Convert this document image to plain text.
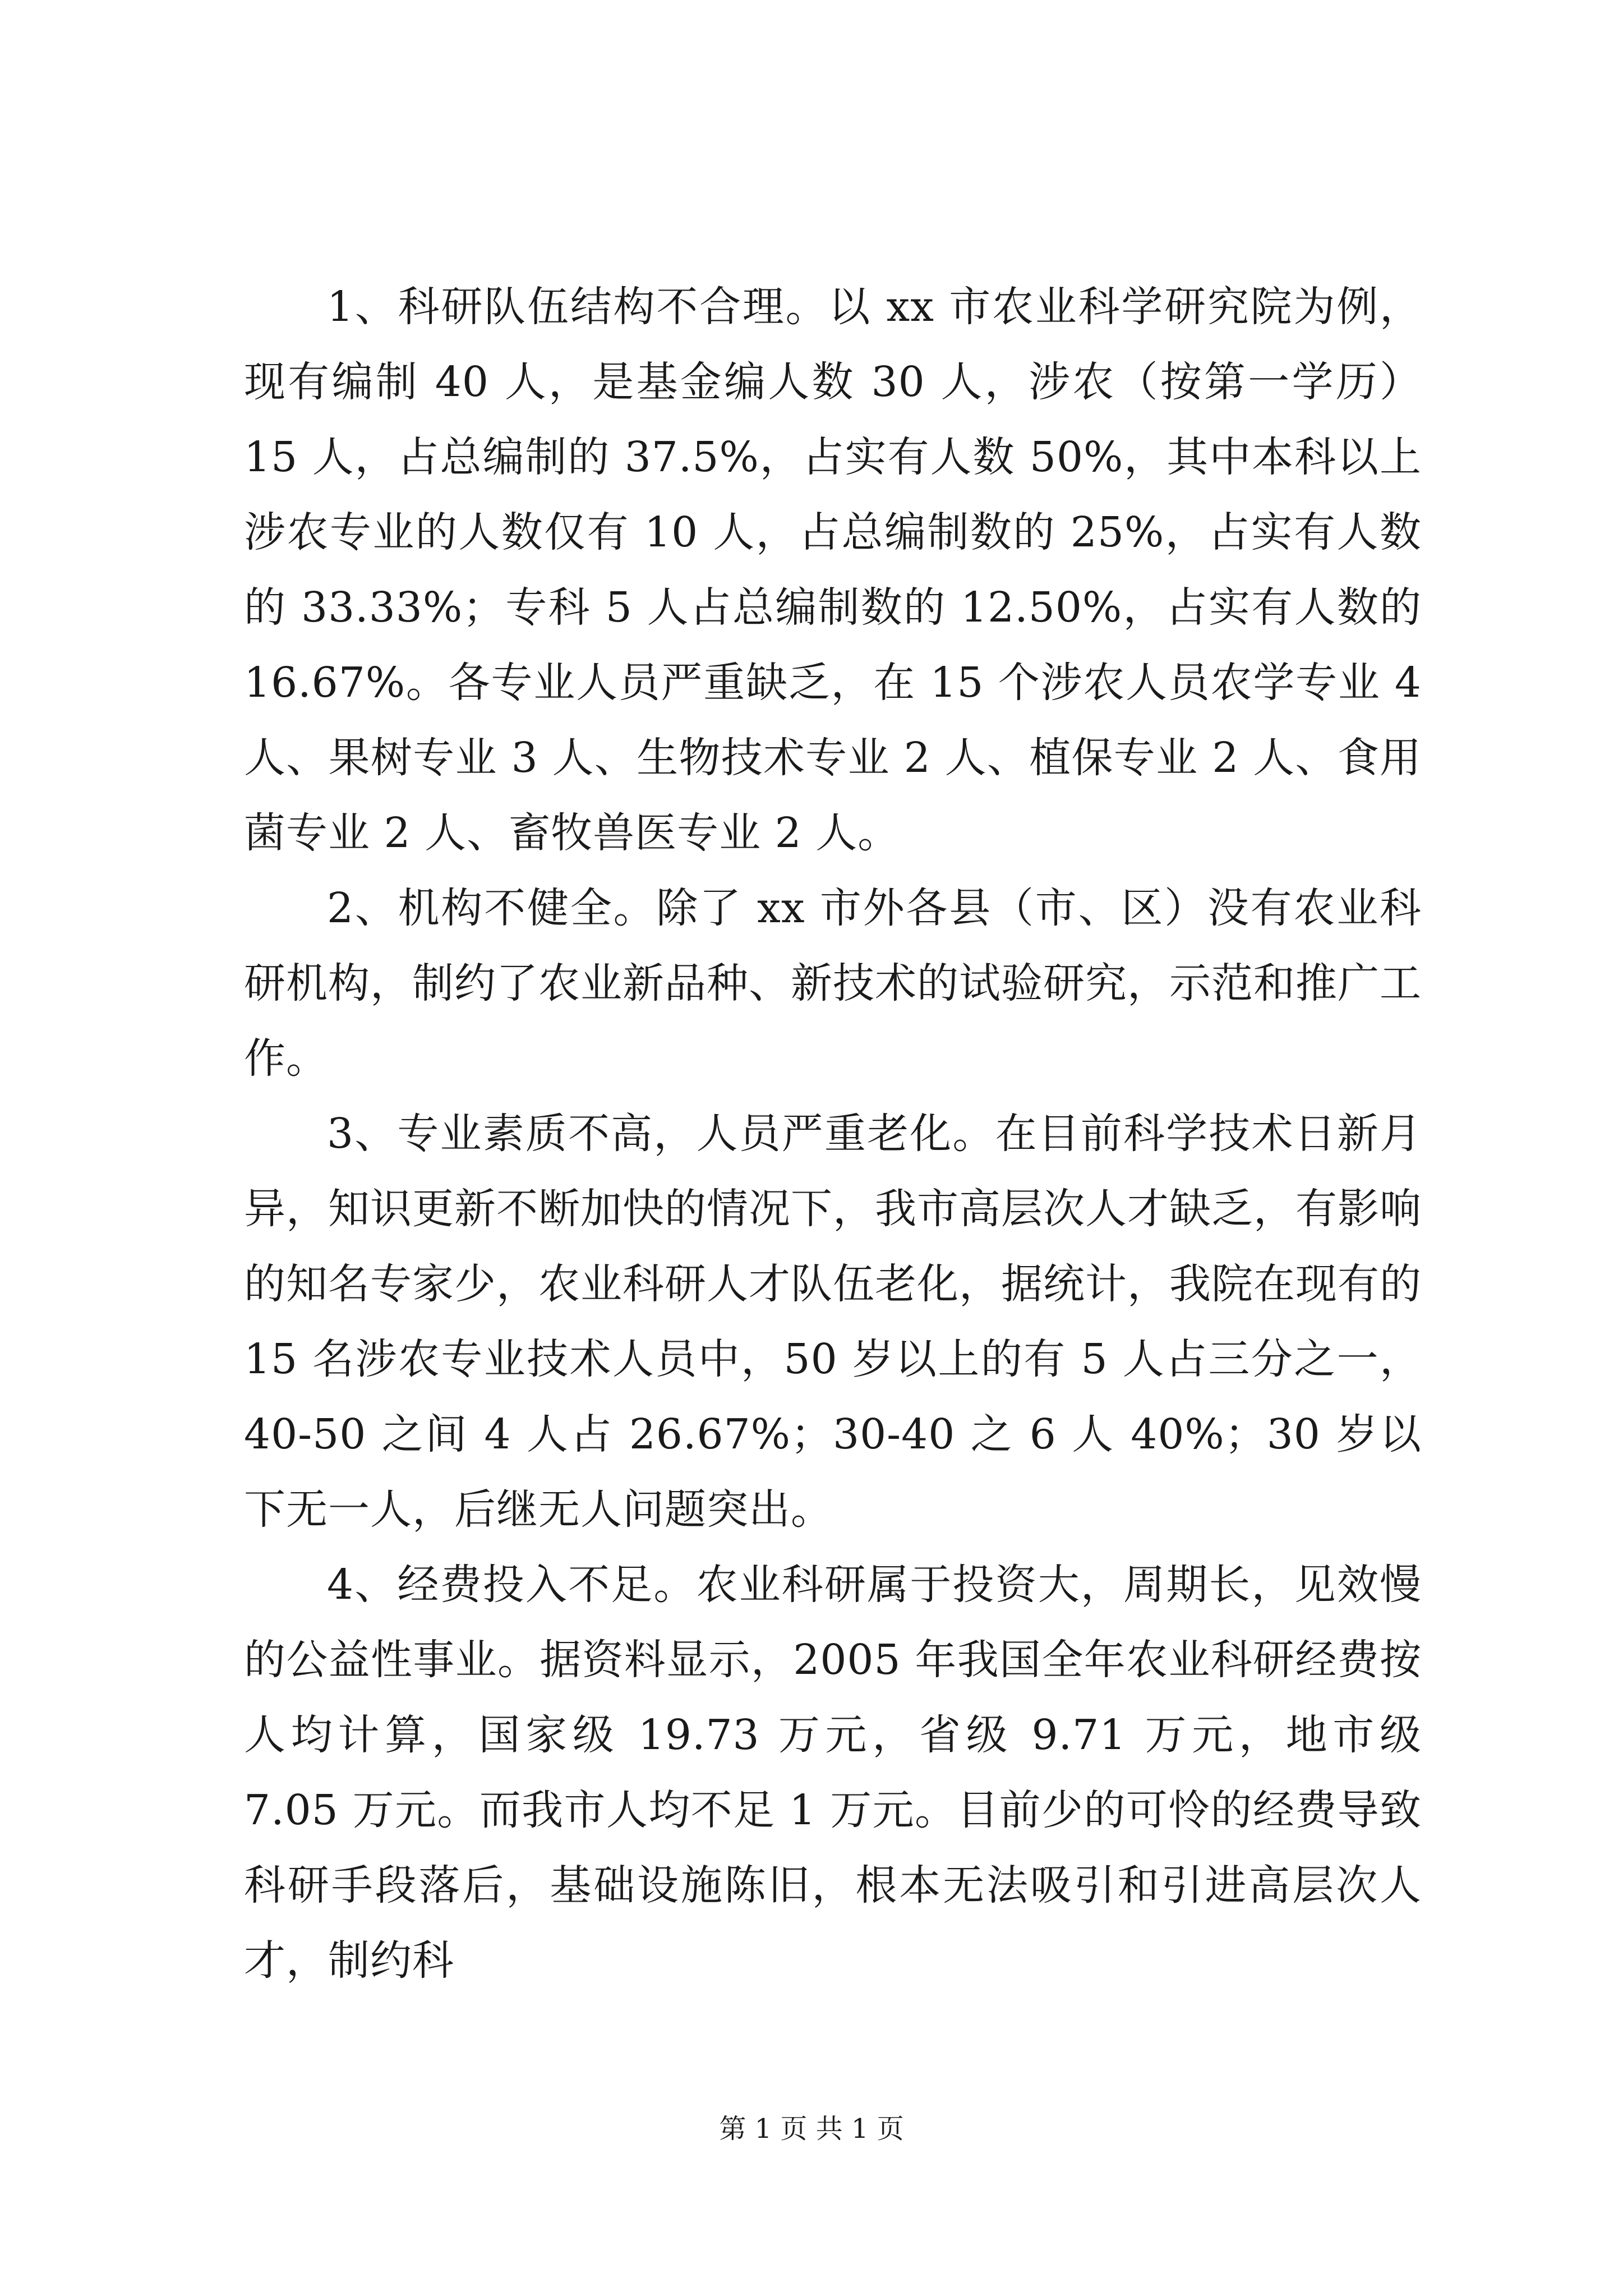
1、科研队伍结构不合理。以 xx 市农业科学研究院为例，现有编制 40 人，是基金编人数 30 人，涉农（按第一学历）15 人，占总编制的 37.5%，占实有人数 50%，其中本科以上涉农专业的人数仅有 10 人，占总编制数的 25%，占实有人数的 33.33%；专科 5 人占总编制数的 12.50%，占实有人数的 16.67%。各专业人员严重缺乏，在 15 个涉农人员农学专业 4 人、果树专业 3 人、生物技术专业 2 人、植保专业 2 人、食用菌专业 2 人、畜牧兽医专业 2 人。

2、机构不健全。除了 xx 市外各县（市、区）没有农业科研机构，制约了农业新品种、新技术的试验研究，示范和推广工作。

3、专业素质不高，人员严重老化。在目前科学技术日新月异，知识更新不断加快的情况下，我市高层次人才缺乏，有影响的知名专家少，农业科研人才队伍老化，据统计，我院在现有的 15 名涉农专业技术人员中，50 岁以上的有 5 人占三分之一，40-50 之间 4 人占 26.67%；30-40 之 6 人 40%；30 岁以下无一人，后继无人问题突出。

4、经费投入不足。农业科研属于投资大，周期长，见效慢的公益性事业。据资料显示，2005 年我国全年农业科研经费按人均计算，国家级 19.73 万元，省级 9.71 万元，地市级 7.05 万元。而我市人均不足 1 万元。目前少的可怜的经费导致科研手段落后，基础设施陈旧，根本无法吸引和引进高层次人才，制约科

第 1 页 共 1 页
